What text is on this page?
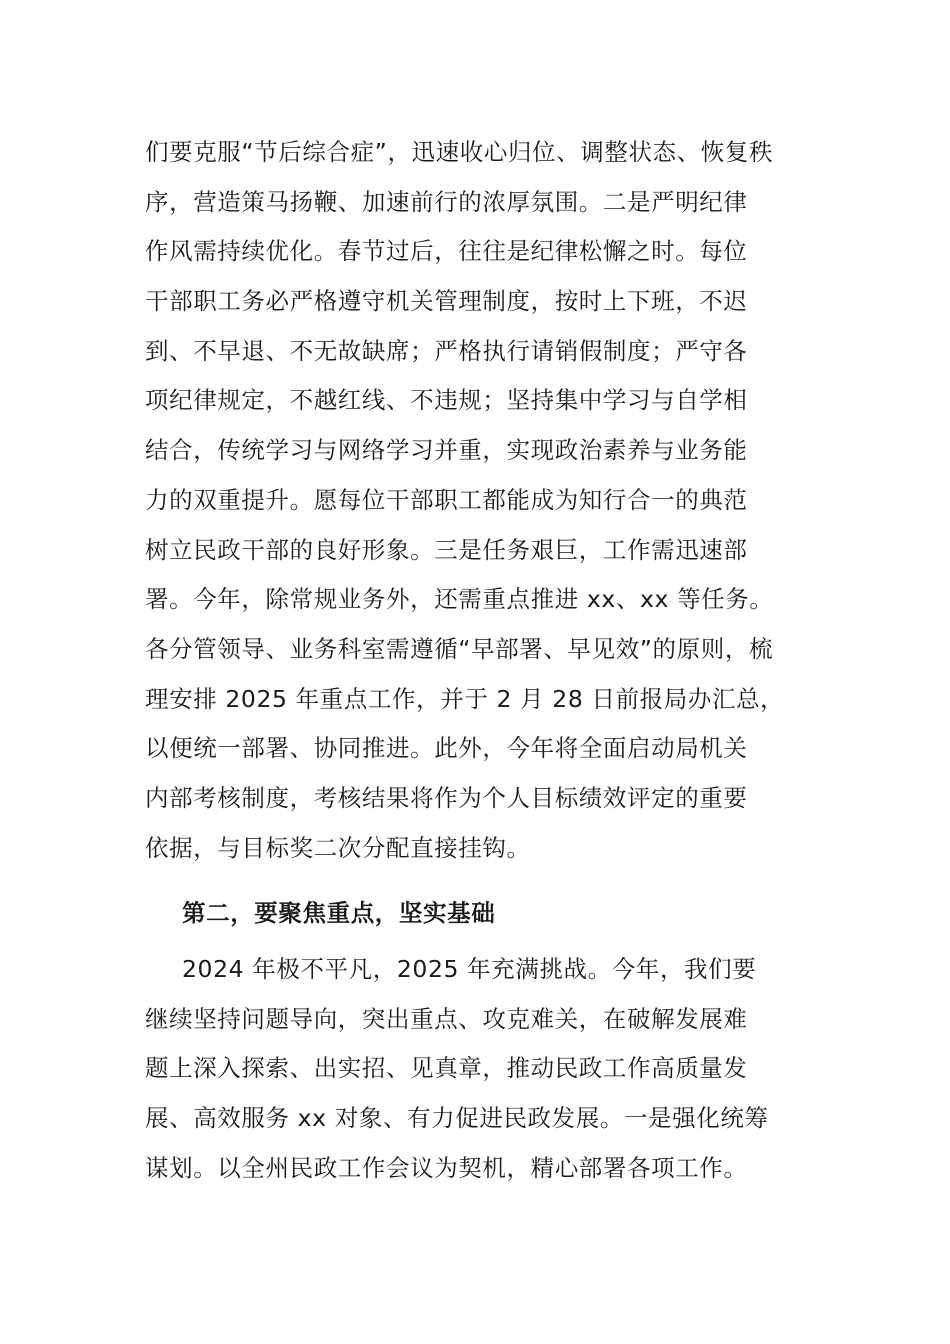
们要克服“节后综合症”，迅速收心归位、调整状态、恢复秩
序，营造策马扬鞭、加速前行的浓厚氛围。二是严明纪律
作风需持续优化。春节过后，往往是纪律松懈之时。每位
干部职工务必严格遵守机关管理制度，按时上下班，不迟
到、不早退、不无故缺席；严格执行请销假制度；严守各
项纪律规定，不越红线、不违规；坚持集中学习与自学相
结合，传统学习与网络学习并重，实现政治素养与业务能
力的双重提升。愿每位干部职工都能成为知行合一的典范
树立民政干部的良好形象。三是任务艰巨，工作需迅速部
署。今年，除常规业务外，还需重点推进 xx、xx 等任务。
各分管领导、业务科室需遵循“早部署、早见效”的原则，梳
理安排 2025 年重点工作，并于 2 月 28 日前报局办汇总，
以便统一部署、协同推进。此外，今年将全面启动局机关
内部考核制度，考核结果将作为个人目标绩效评定的重要
依据，与目标奖二次分配直接挂钩。
第二，要聚焦重点，坚实基础
2024 年极不平凡，2025 年充满挑战。今年，我们要
继续坚持问题导向，突出重点、攻克难关，在破解发展难
题上深入探索、出实招、见真章，推动民政工作高质量发
展、高效服务 xx 对象、有力促进民政发展。一是强化统筹
谋划。以全州民政工作会议为契机，精心部署各项工作。
